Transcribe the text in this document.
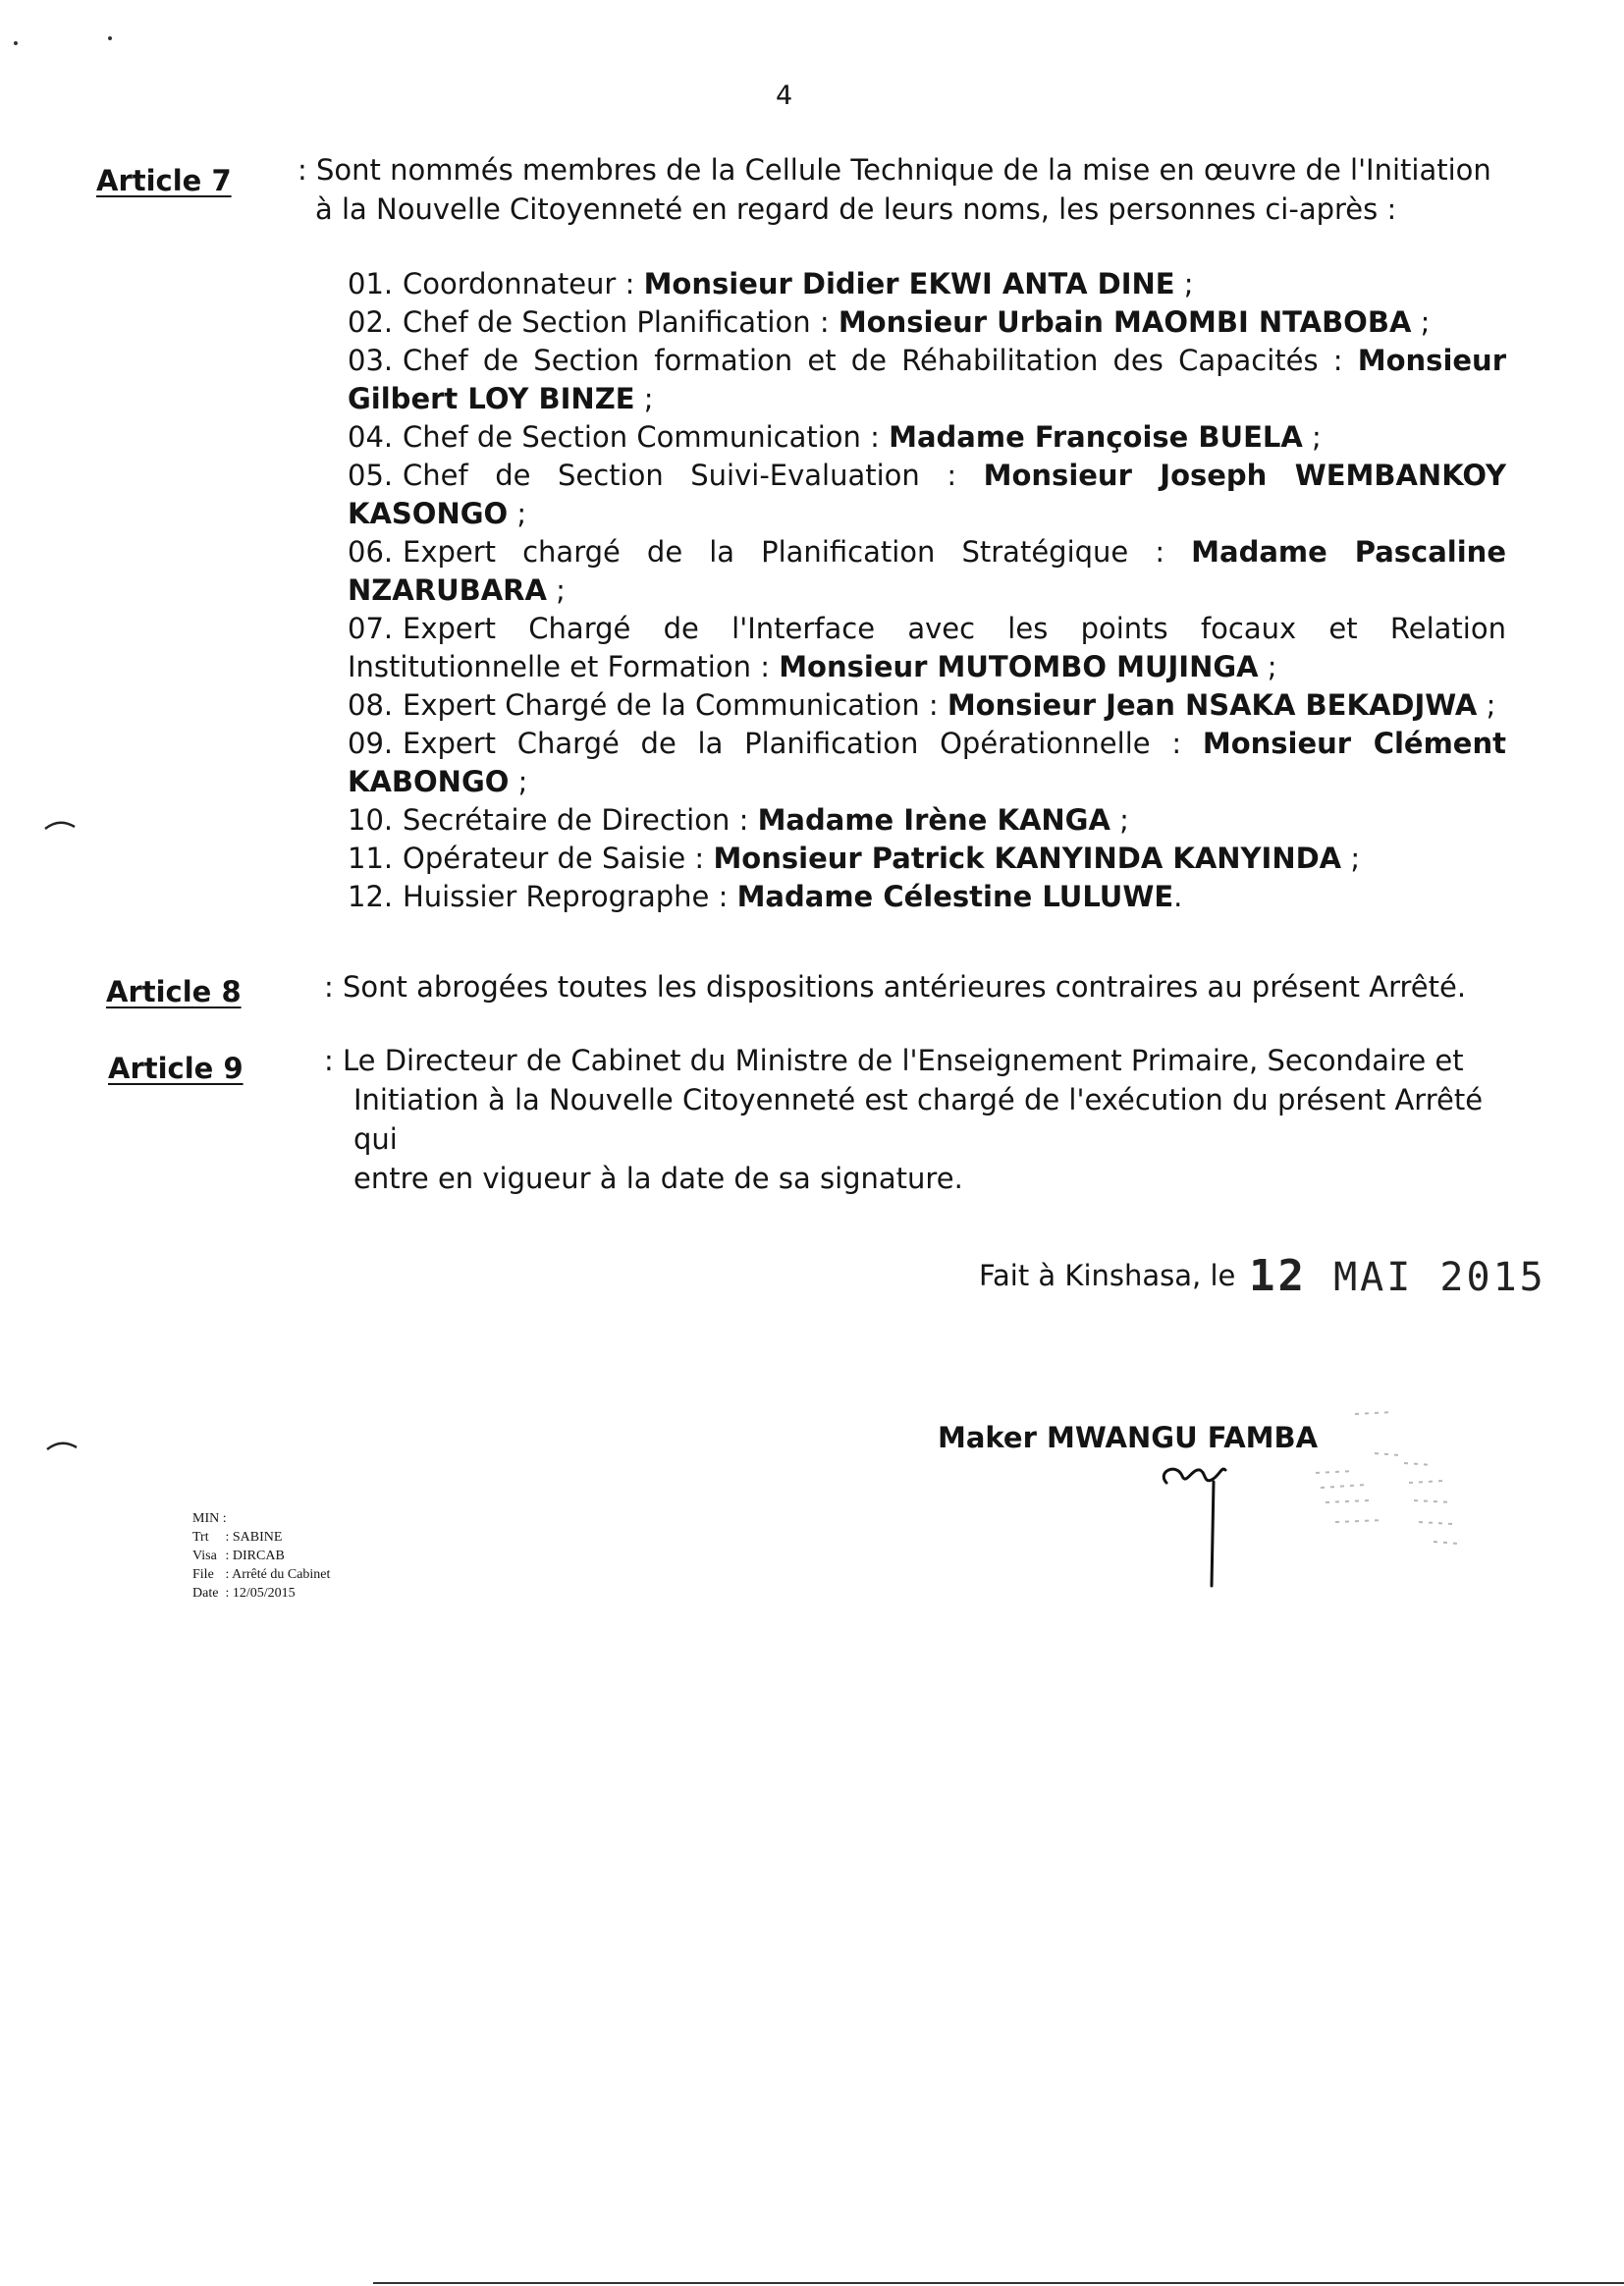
4
Article 7 : Sont nommés membres de la Cellule Technique de la mise en œuvre de l'Initiation
à la Nouvelle Citoyenneté en regard de leurs noms, les personnes ci-après :
01. Coordonnateur : Monsieur Didier EKWI ANTA DINE ;
02. Chef de Section Planification : Monsieur Urbain MAOMBI NTABOBA ;
03. Chef de Section formation et de Réhabilitation des Capacités : Monsieur Gilbert LOY BINZE ;
04. Chef de Section Communication : Madame Françoise BUELA ;
05. Chef de Section Suivi-Evaluation : Monsieur Joseph WEMBANKOY KASONGO ;
06. Expert chargé de la Planification Stratégique : Madame Pascaline NZARUBARA ;
07. Expert Chargé de l'Interface avec les points focaux et Relation Institutionnelle et Formation : Monsieur MUTOMBO MUJINGA ;
08. Expert Chargé de la Communication : Monsieur Jean NSAKA BEKADJWA ;
09. Expert Chargé de la Planification Opérationnelle : Monsieur Clément KABONGO ;
10. Secrétaire de Direction : Madame Irène KANGA ;
11. Opérateur de Saisie : Monsieur Patrick KANYINDA KANYINDA ;
12. Huissier Reprographe : Madame Célestine LULUWE.
Article 8	: Sont abrogées toutes les dispositions antérieures contraires au présent Arrêté.
Article 9	: Le Directeur de Cabinet du Ministre de l'Enseignement Primaire, Secondaire et
Initiation à la Nouvelle Citoyenneté est chargé de l'exécution du présent Arrêté qui
entre en vigueur à la date de sa signature.
Fait à Kinshasa, le 12 MAI 2015
Maker MWANGU FAMBA
MIN :
Trt : SABINE
Visa : DIRCAB
File : Arrêté du Cabinet
Date : 12/05/2015
